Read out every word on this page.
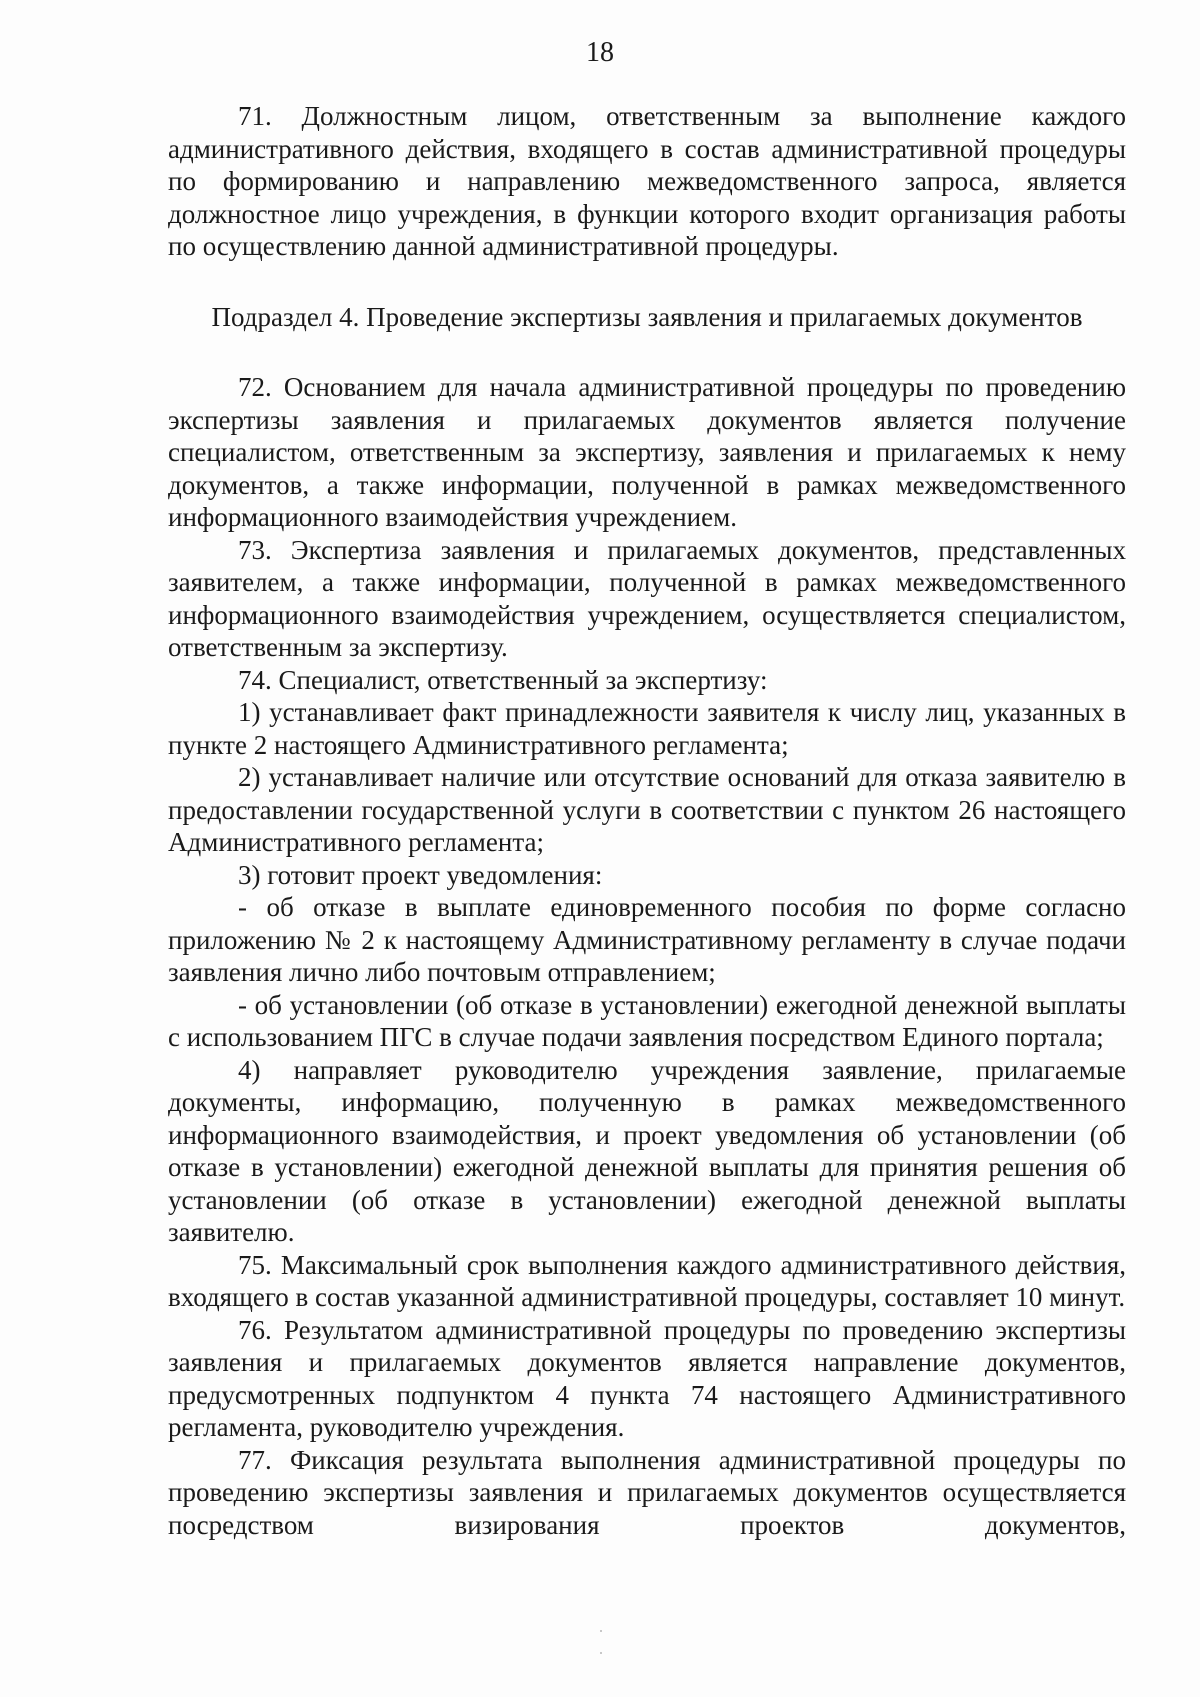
18

71. Должностным лицом, ответственным за выполнение каждого административного действия, входящего в состав административной процедуры по формированию и направлению межведомственного запроса, является должностное лицо учреждения, в функции которого входит организация работы по осуществлению данной административной процедуры.

Подраздел 4. Проведение экспертизы заявления и прилагаемых документов

72. Основанием для начала административной процедуры по проведению экспертизы заявления и прилагаемых документов является получение специалистом, ответственным за экспертизу, заявления и прилагаемых к нему документов, а также информации, полученной в рамках межведомственного информационного взаимодействия учреждением.

73. Экспертиза заявления и прилагаемых документов, представленных заявителем, а также информации, полученной в рамках межведомственного информационного взаимодействия учреждением, осуществляется специалистом, ответственным за экспертизу.

74. Специалист, ответственный за экспертизу:

1) устанавливает факт принадлежности заявителя к числу лиц, указанных в пункте 2 настоящего Административного регламента;

2) устанавливает наличие или отсутствие оснований для отказа заявителю в предоставлении государственной услуги в соответствии с пунктом 26 настоящего Административного регламента;

3) готовит проект уведомления:

- об отказе в выплате единовременного пособия по форме согласно приложению № 2 к настоящему Административному регламенту в случае подачи заявления лично либо почтовым отправлением;

- об установлении (об отказе в установлении) ежегодной денежной выплаты с использованием ПГС в случае подачи заявления посредством Единого портала;

4) направляет руководителю учреждения заявление, прилагаемые документы, информацию, полученную в рамках межведомственного информационного взаимодействия, и проект уведомления об установлении (об отказе в установлении) ежегодной денежной выплаты для принятия решения об установлении (об отказе в установлении) ежегодной денежной выплаты заявителю.

75. Максимальный срок выполнения каждого административного действия, входящего в состав указанной административной процедуры, составляет 10 минут.

76. Результатом административной процедуры по проведению экспертизы заявления и прилагаемых документов является направление документов, предусмотренных подпунктом 4 пункта 74 настоящего Административного регламента, руководителю учреждения.

77. Фиксация результата выполнения административной процедуры по проведению экспертизы заявления и прилагаемых документов осуществляется посредством визирования проектов документов,
